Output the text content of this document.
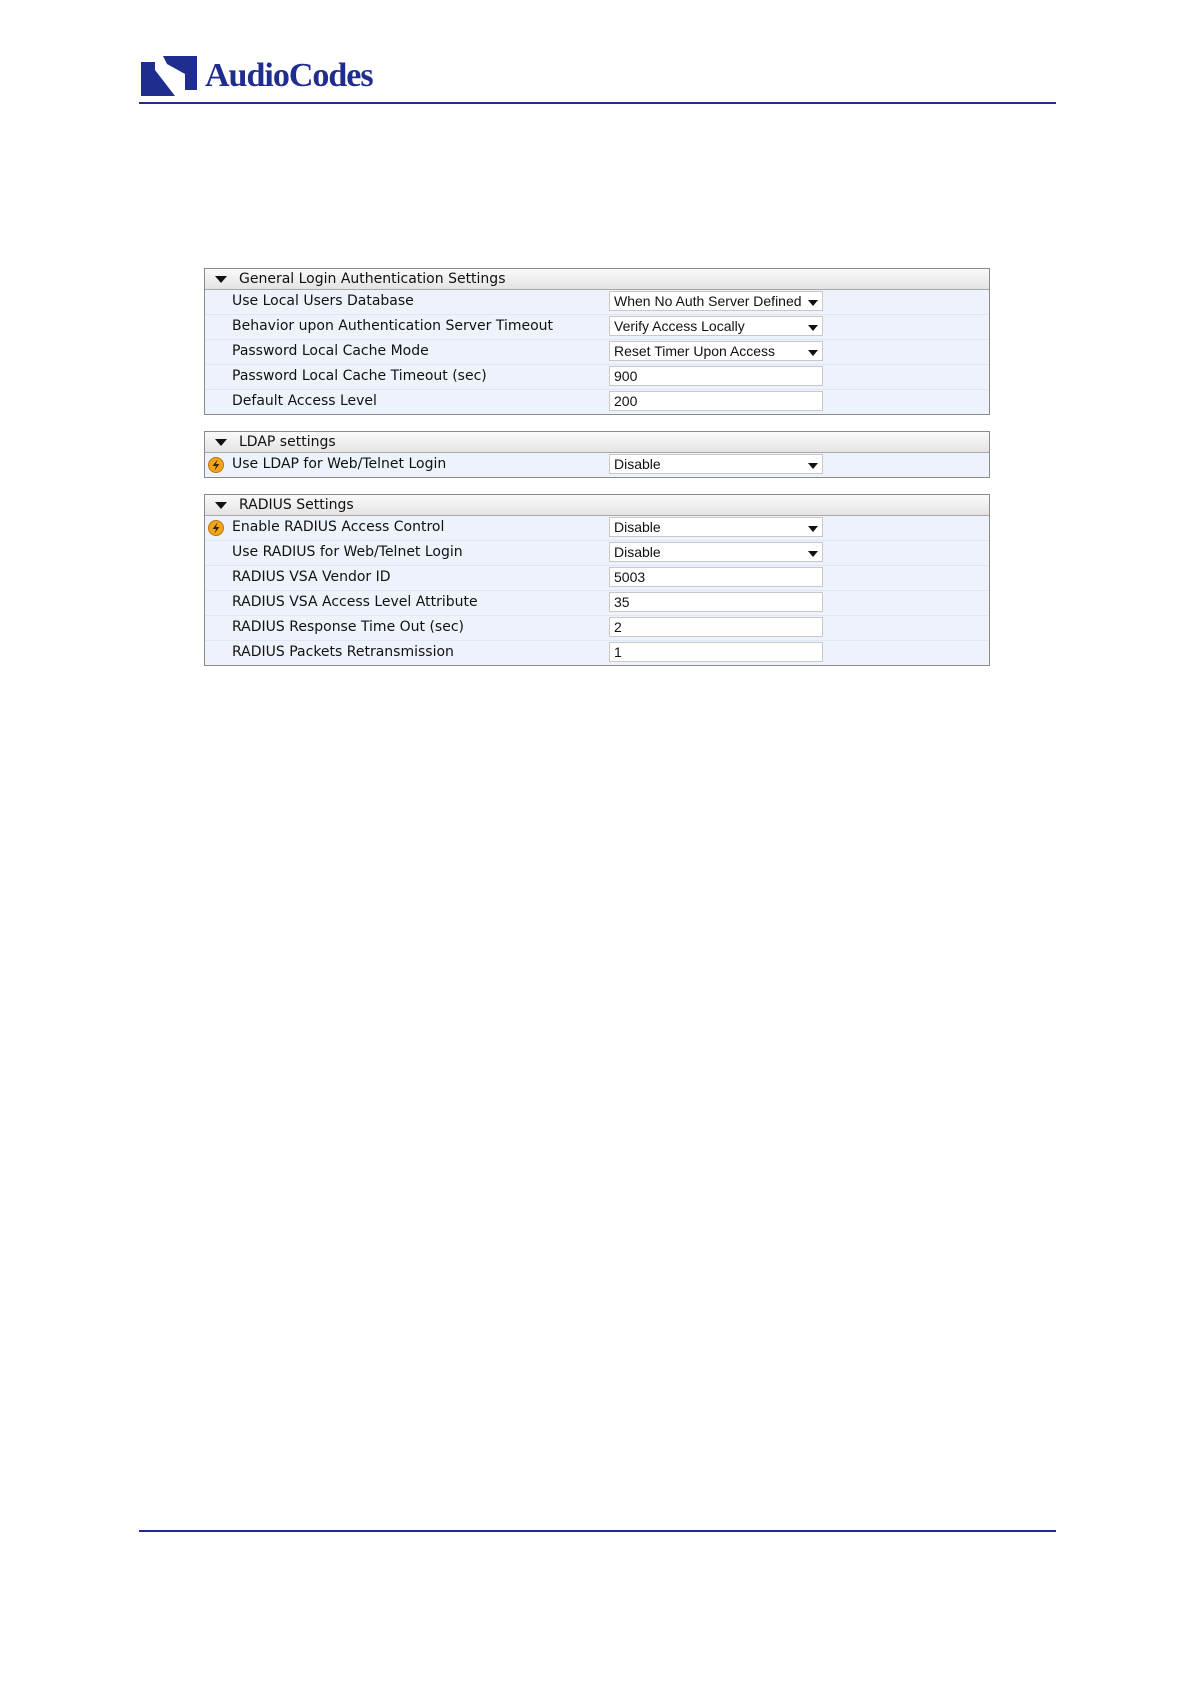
AudioCodes
General Login Authentication Settings
Use Local Users Database	When No Auth Server Defined
Behavior upon Authentication Server Timeout	Verify Access Locally
Password Local Cache Mode	Reset Timer Upon Access
Password Local Cache Timeout (sec)	900
Default Access Level	200
LDAP settings
Use LDAP for Web/Telnet Login	Disable
RADIUS Settings
Enable RADIUS Access Control	Disable
Use RADIUS for Web/Telnet Login	Disable
RADIUS VSA Vendor ID	5003
RADIUS VSA Access Level Attribute	35
RADIUS Response Time Out (sec)	2
RADIUS Packets Retransmission	1
